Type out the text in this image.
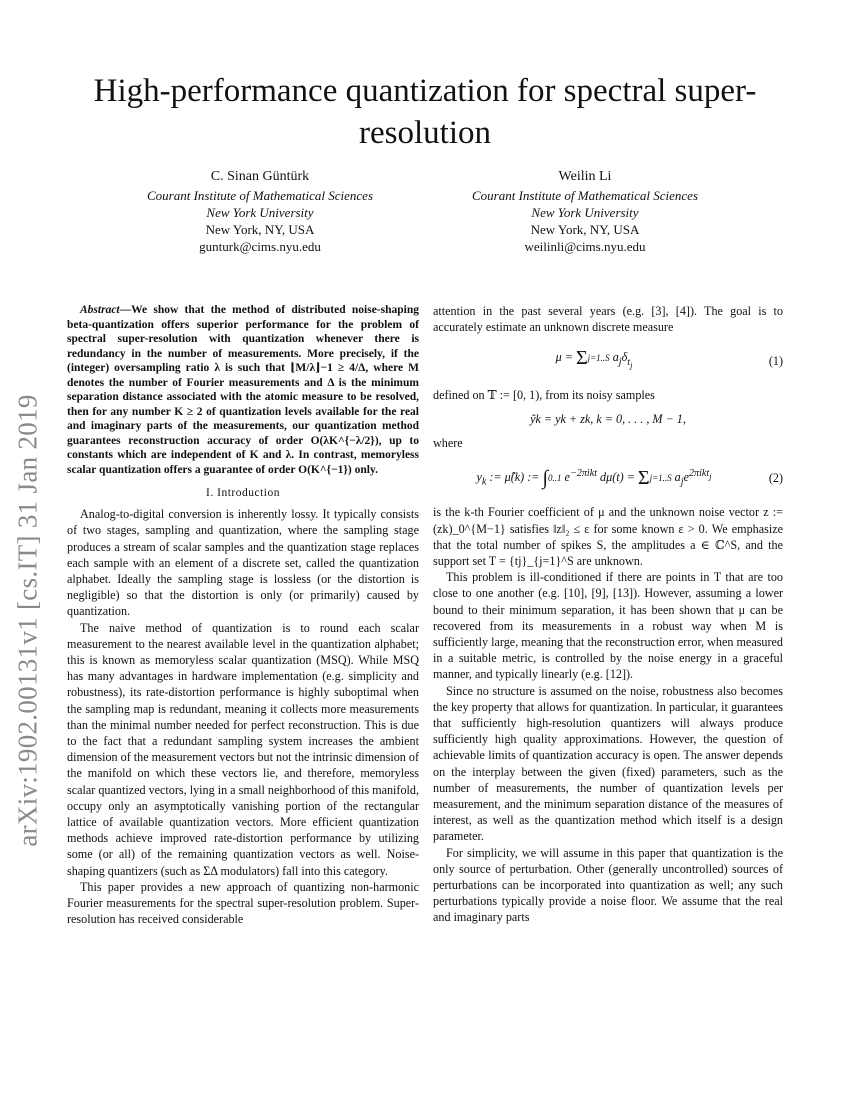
arXiv:1902.00131v1 [cs.IT] 31 Jan 2019
High-performance quantization for spectral super-resolution
C. Sinan Güntürk
Courant Institute of Mathematical Sciences
New York University
New York, NY, USA
gunturk@cims.nyu.edu
Weilin Li
Courant Institute of Mathematical Sciences
New York University
New York, NY, USA
weilinli@cims.nyu.edu

Abstract—We show that the method of distributed noise-shaping beta-quantization offers superior performance for the problem of spectral super-resolution with quantization whenever there is redundancy in the number of measurements. More precisely, if the (integer) oversampling ratio λ is such that ⌊M/λ⌋−1 ≥ 4/Δ, where M denotes the number of Fourier measurements and Δ is the minimum separation distance associated with the atomic measure to be resolved, then for any number K ≥ 2 of quantization levels available for the real and imaginary parts of the measurements, our quantization method guarantees reconstruction accuracy of order O(λK^{−λ/2}), up to constants which are independent of K and λ. In contrast, memoryless scalar quantization offers a guarantee of order O(K^{−1}) only.

I. Introduction

Analog-to-digital conversion is inherently lossy. It typically consists of two stages, sampling and quantization, where the sampling stage produces a stream of scalar samples and the quantization stage replaces each sample with an element of a discrete set, called the quantization alphabet. Ideally the sampling stage is lossless (or the distortion is negligible) so that the distortion is only (or primarily) caused by quantization.

The naive method of quantization is to round each scalar measurement to the nearest available level in the quantization alphabet; this is known as memoryless scalar quantization (MSQ). While MSQ has many advantages in hardware implementation (e.g. simplicity and robustness), its rate-distortion performance is highly suboptimal when the sampling map is redundant, meaning it collects more measurements than the minimal number needed for perfect reconstruction. This is due to the fact that a redundant sampling system increases the ambient dimension of the measurement vectors but not the intrinsic dimension of the manifold on which these vectors lie, and therefore, memoryless scalar quantized vectors, lying in a small neighborhood of this manifold, occupy only an asymptotically vanishing portion of the rectangular lattice of available quantization vectors. More efficient quantization methods achieve improved rate-distortion performance by utilizing some (or all) of the remaining quantization vectors as well. Noise-shaping quantizers (such as ΣΔ modulators) fall into this category.

This paper provides a new approach of quantizing non-harmonic Fourier measurements for the spectral super-resolution problem. Super-resolution has received considerable

attention in the past several years (e.g. [3], [4]). The goal is to accurately estimate an unknown discrete measure

μ = Σj=1..S $a_j\delta_{t_j}$	(1)

defined on 𝕋 := [0, 1), from its noisy samples

ỹk = yk + zk, k = 0, . . . , M − 1,

where

$y_k$ := μ̂(k) := ∫0..1 $e^{-2\pi ikt}$ dμ(t) = Σj=1..S $a_je^{2\pi ikt_j}$	(2)

is the k-th Fourier coefficient of μ and the unknown noise vector z := (zk)_0^{M−1} satisfies ‖z‖₂ ≤ ε for some known ε > 0. We emphasize that the total number of spikes S, the amplitudes a ∈ ℂ^S, and the support set T = {tj}_{j=1}^S are unknown.

This problem is ill-conditioned if there are points in T that are too close to one another (e.g. [10], [9], [13]). However, assuming a lower bound to their minimum separation, it has been shown that μ can be recovered from its measurements in a robust way when M is sufficiently large, meaning that the reconstruction error, when measured in a suitable metric, is controlled by the noise energy in a graceful manner, and typically linearly (e.g. [12]).

Since no structure is assumed on the noise, robustness also becomes the key property that allows for quantization. In particular, it guarantees that sufficiently high-resolution quantizers will always produce sufficiently high quality approximations. However, the question of achievable limits of quantization accuracy is open. The answer depends on the interplay between the given (fixed) parameters, such as the number of measurements, the number of quantization levels per measurement, and the minimum separation distance of the measures of interest, as well as the quantization method which itself is a design parameter.

For simplicity, we will assume in this paper that quantization is the only source of perturbation. Other (generally uncontrolled) sources of perturbations can be incorporated into quantization as well; any such perturbations typically provide a noise floor. We assume that the real and imaginary parts
